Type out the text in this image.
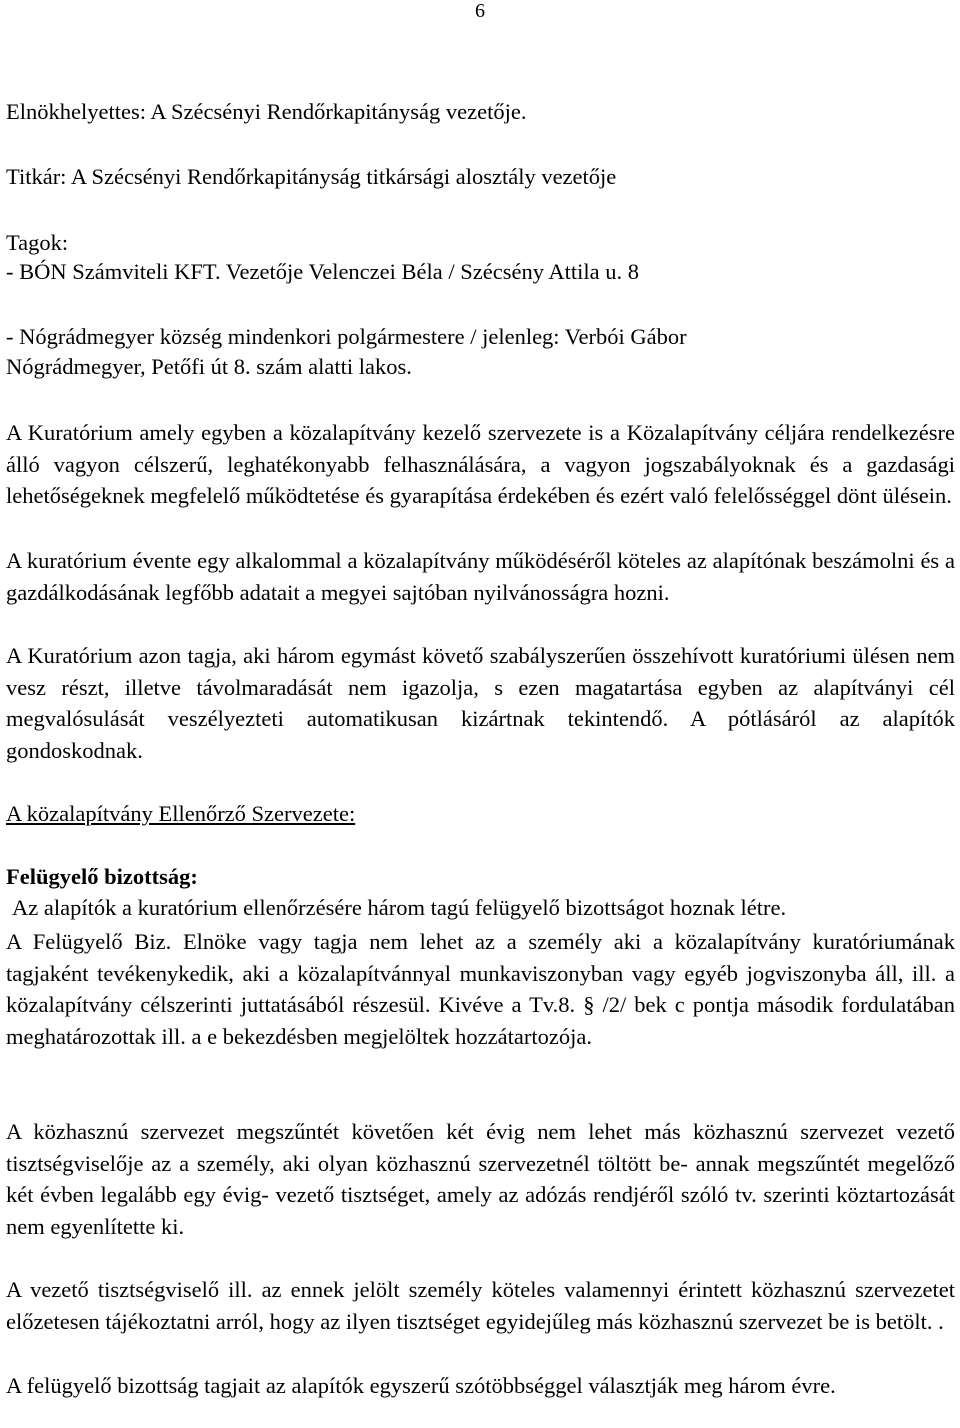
6
Elnökhelyettes: A Szécsényi Rendőrkapitányság vezetője.
Titkár: A Szécsényi Rendőrkapitányság titkársági alosztály vezetője
Tagok:
- BÓN Számviteli KFT. Vezetője Velenczei Béla / Szécsény Attila u. 8
- Nógrádmegyer község mindenkori polgármestere / jelenleg: Verbói Gábor
Nógrádmegyer, Petőfi út 8. szám alatti lakos.
A Kuratórium amely egyben a közalapítvány kezelő szervezete is a Közalapítvány céljára rendelkezésre álló vagyon célszerű, leghatékonyabb felhasználására, a vagyon jogszabályoknak és a gazdasági lehetőségeknek megfelelő működtetése és gyarapítása érdekében és ezért való felelősséggel dönt ülésein.
A kuratórium évente egy alkalommal a közalapítvány működéséről köteles az alapítónak beszámolni és a gazdálkodásának legfőbb adatait a megyei sajtóban nyilvánosságra hozni.
A Kuratórium azon tagja, aki három egymást követő szabályszerűen összehívott kuratóriumi ülésen nem vesz részt, illetve távolmaradását nem igazolja, s ezen magatartása egyben az alapítványi cél megvalósulását veszélyezteti automatikusan kizártnak tekintendő. A pótlásáról az alapítók gondoskodnak.
A közalapítvány Ellenőrző Szervezete:
Felügyelő bizottság:
Az alapítók a kuratórium ellenőrzésére három tagú felügyelő bizottságot hoznak létre.
A Felügyelő Biz. Elnöke vagy tagja nem lehet az a személy aki a közalapítvány kuratóriumának tagjaként tevékenykedik, aki a közalapítvánnyal munkaviszonyban vagy egyéb jogviszonyba áll, ill. a közalapítvány célszerinti juttatásából részesül. Kivéve a Tv.8. § /2/ bek c pontja második fordulatában meghatározottak ill. a e bekezdésben megjelöltek hozzátartozója.
A közhasznú szervezet megszűntét követően két évig nem lehet más közhasznú szervezet vezető tisztségviselője az a személy, aki olyan közhasznú szervezetnél töltött be- annak megszűntét megelőző két évben legalább egy évig- vezető tisztséget, amely az adózás rendjéről szóló tv. szerinti köztartozását nem egyenlítette ki.
A vezető tisztségviselő ill. az ennek jelölt személy köteles valamennyi érintett közhasznú szervezetet előzetesen tájékoztatni arról, hogy az ilyen tisztséget egyidejűleg más közhasznú szervezet be is betölt. .
A felügyelő bizottság tagjait az alapítók egyszerű szótöbbséggel választják meg három évre.
